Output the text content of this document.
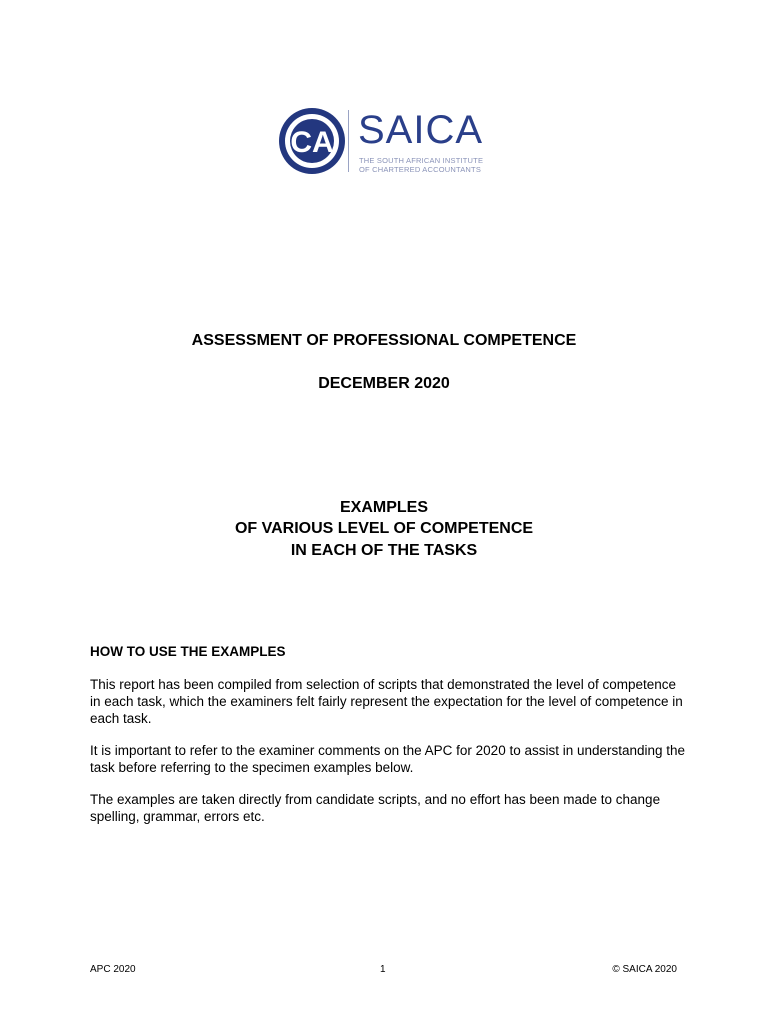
CA SAICA
THE SOUTH AFRICAN INSTITUTE
OF CHARTERED ACCOUNTANTS
ASSESSMENT OF PROFESSIONAL COMPETENCE
DECEMBER 2020
EXAMPLES
OF VARIOUS LEVEL OF COMPETENCE
IN EACH OF THE TASKS
HOW TO USE THE EXAMPLES
This report has been compiled from selection of scripts that demonstrated the level of competence in each task, which the examiners felt fairly represent the expectation for the level of competence in each task.
It is important to refer to the examiner comments on the APC for 2020 to assist in understanding the task before referring to the specimen examples below.
The examples are taken directly from candidate scripts, and no effort has been made to change spelling, grammar, errors etc.
APC 2020	1	© SAICA 2020
